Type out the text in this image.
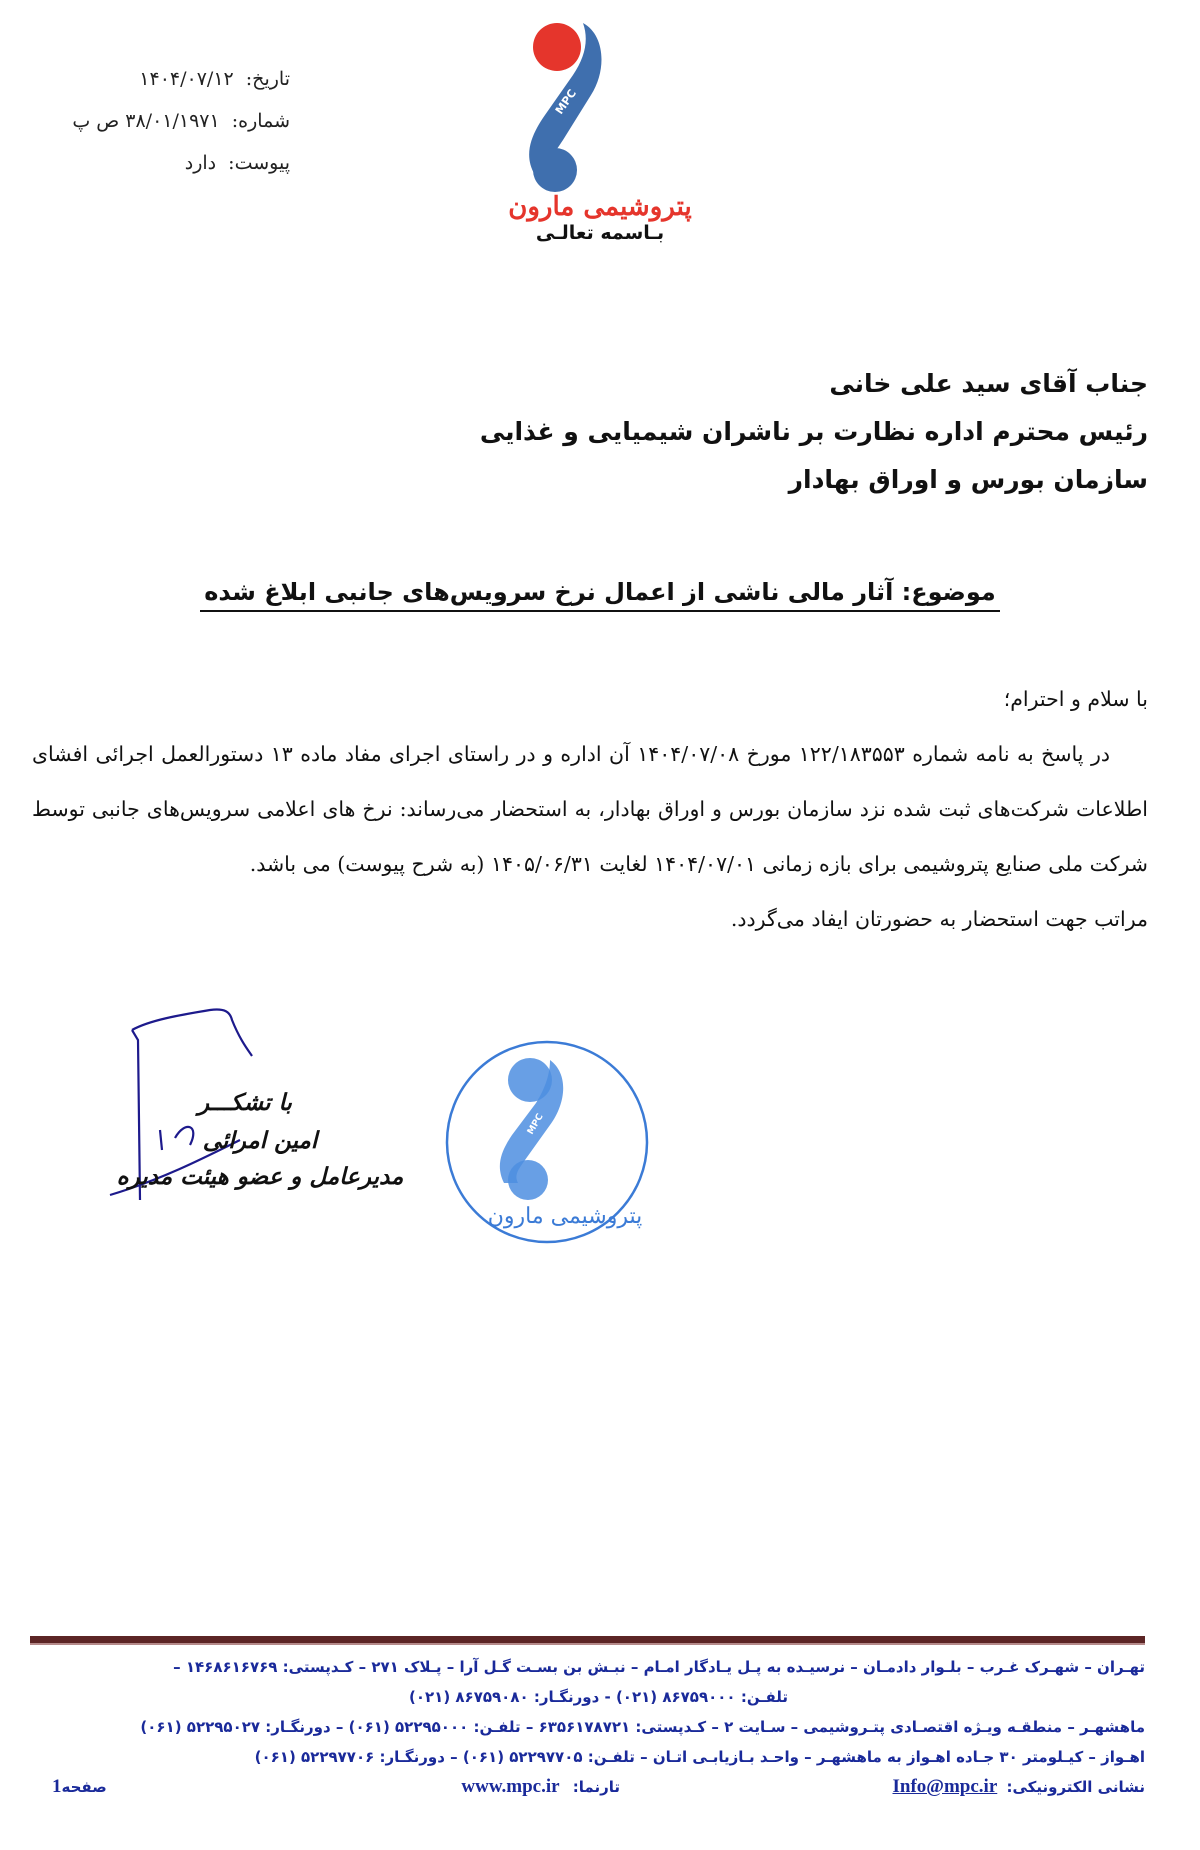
تاریخ: ۱۴۰۴/۰۷/۱۲
شماره: ۳۸/۰۱/۱۹۷۱ ص پ
پیوست: دارد
MPC
پتروشیمی مارون
بـاسمه تعالـی
جناب آقای سید علی خانی
رئیس محترم اداره نظارت بر ناشران شیمیایی و غذایی
سازمان بورس و اوراق بهادار
موضوع: آثار مالی ناشی از اعمال نرخ سرویس‌های جانبی ابلاغ شده

با سلام و احترام؛

در پاسخ به نامه شماره ۱۲۲/۱۸۳۵۵۳ مورخ ۱۴۰۴/۰۷/۰۸ آن اداره و در راستای اجرای مفاد ماده ۱۳ دستورالعمل اجرائی افشای اطلاعات شرکت‌های ثبت شده نزد سازمان بورس و اوراق بهادار، به استحضار می‌رساند: نرخ های اعلامی سرویس‌های جانبی توسط شرکت ملی صنایع پتروشیمی برای بازه زمانی ۱۴۰۴/۰۷/۰۱ لغایت ۱۴۰۵/۰۶/۳۱ (به شرح پیوست) می باشد.

مراتب جهت استحضار به حضورتان ایفاد می‌گردد.

با تشکـــر
امین امرائی
مدیرعامل و عضو هیئت مدیره
MPC
پتروشیمی مارون
تهـران – شهـرک غـرب – بلـوار دادمـان – نرسیـده به پـل یـادگار امـام – نبـش بن بسـت گـل آرا – پـلاک ۲۷۱ – کـدپستی: ۱۴۶۸۶۱۶۷۶۹ –
تلفـن: ۸۶۷۵۹۰۰۰ (۰۲۱) - دورنگـار: ۸۶۷۵۹۰۸۰ (۰۲۱)
ماهشهـر – منطقـه ویـژه اقتصـادی پتـروشیمی – سـایت ۲ – کـدپستی: ۶۳۵۶۱۷۸۷۲۱ – تلفـن: ۵۲۲۹۵۰۰۰ (۰۶۱) – دورنگـار: ۵۲۲۹۵۰۲۷ (۰۶۱)
اهـواز – کیـلومتر ۳۰ جـاده اهـواز به ماهشهـر – واحـد بـازیابـی اتـان – تلفـن: ۵۲۲۹۷۷۰۵ (۰۶۱) – دورنگـار: ۵۲۲۹۷۷۰۶ (۰۶۱)
نشانی الکترونیکی: Info@mpc.ir
تارنما: www.mpc.ir
صفحه1
